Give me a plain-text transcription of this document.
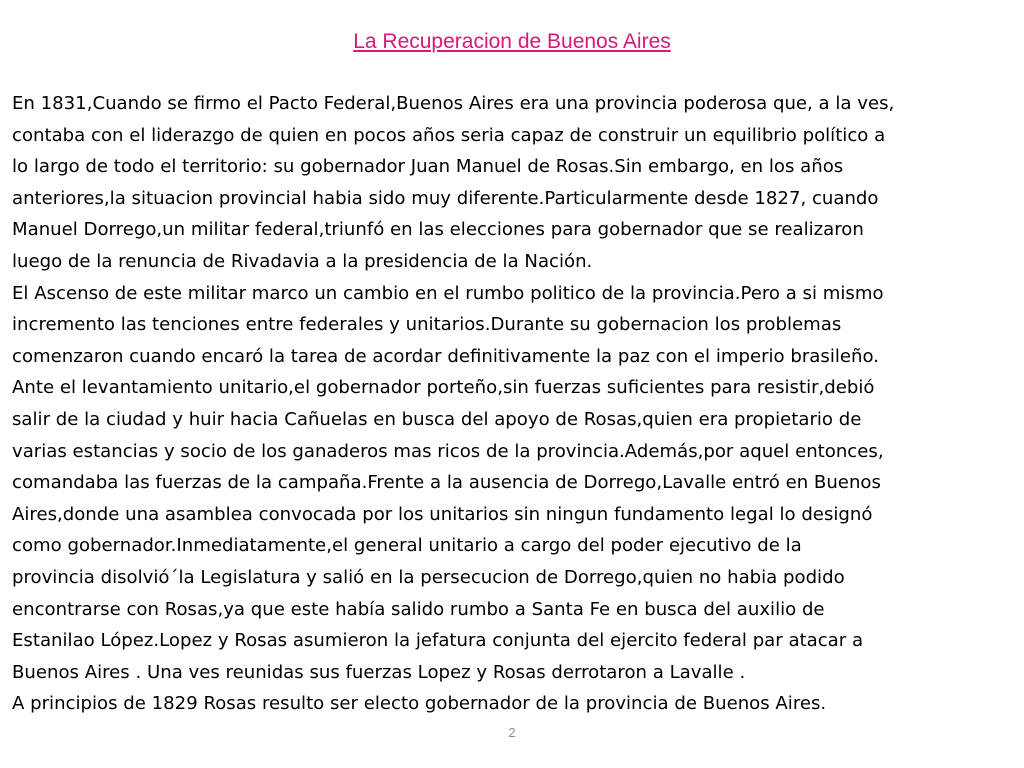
La Recuperacion de Buenos Aires
En 1831,Cuando se firmo el Pacto Federal,Buenos Aires era una provincia poderosa que, a la ves,
contaba con el liderazgo de quien en pocos años seria capaz de construir un equilibrio político a
lo largo de todo el territorio: su gobernador Juan Manuel de Rosas.Sin embargo, en los años
anteriores,la situacion provincial habia sido muy diferente.Particularmente desde 1827, cuando
Manuel Dorrego,un militar federal,triunfó en las elecciones para gobernador que se realizaron
luego de la renuncia de Rivadavia a la presidencia de la Nación.
El Ascenso de este militar marco un cambio en el rumbo politico de la provincia.Pero a si mismo
incremento las tenciones entre federales y unitarios.Durante su gobernacion los problemas
comenzaron cuando encaró la tarea de acordar definitivamente la paz con el imperio brasileño.
Ante el levantamiento unitario,el gobernador porteño,sin fuerzas suficientes para resistir,debió
salir de la ciudad y huir hacia Cañuelas en busca del apoyo de Rosas,quien era propietario de
varias estancias y socio de los ganaderos mas ricos de la provincia.Además,por aquel entonces,
comandaba las fuerzas de la campaña.Frente a la ausencia de Dorrego,Lavalle entró en Buenos
Aires,donde una asamblea convocada por los unitarios sin ningun fundamento legal lo designó
como gobernador.Inmediatamente,el general unitario a cargo del poder ejecutivo de la
provincia disolvió´la Legislatura y salió en la persecucion de Dorrego,quien no habia podido
encontrarse con Rosas,ya que este había salido rumbo a Santa Fe en busca del auxilio de
Estanilao López.Lopez y Rosas asumieron la jefatura conjunta del ejercito federal par atacar a
Buenos Aires . Una ves reunidas sus fuerzas Lopez y Rosas derrotaron a Lavalle .
A principios de 1829 Rosas resulto ser electo gobernador de la provincia de Buenos Aires.
2
